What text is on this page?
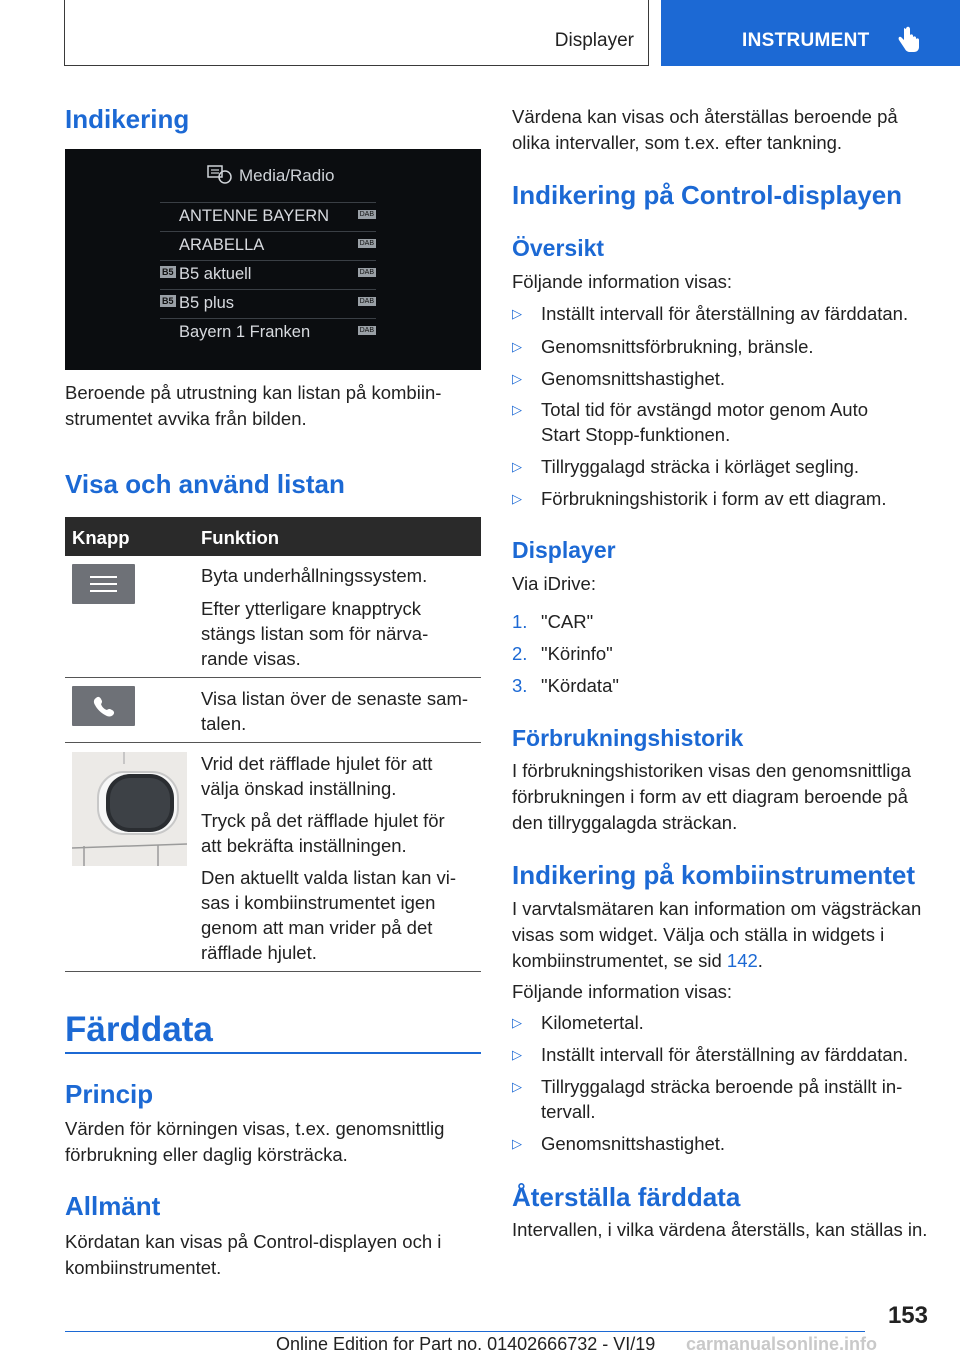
Displayer	INSTRUMENT
Indikering
Media/Radio
ANTENNE BAYERN	DAB
ARABELLA	DAB
B5 B5 aktuell	DAB
B5 B5 plus	DAB
Bayern 1 Franken	DAB
Beroende på utrustning kan listan på kombiin-
strumentet avvika från bilden.
Visa och använd listan
Knapp	Funktion
Byta underhållningssystem.
Efter ytterligare knapptryck
stängs listan som för närva-
rande visas.
Visa listan över de senaste sam-
talen.
Vrid det räfflade hjulet för att
välja önskad inställning.
Tryck på det räfflade hjulet för
att bekräfta inställningen.
Den aktuellt valda listan kan vi-
sas i kombiinstrumentet igen
genom att man vrider på det
räfflade hjulet.
Färddata
Princip
Värden för körningen visas, t.ex. genomsnittlig
förbrukning eller daglig körsträcka.
Allmänt
Kördatan kan visas på Control-displayen och i
kombiinstrumentet.
Värdena kan visas och återställas beroende på
olika intervaller, som t.ex. efter tankning.
Indikering på Control-displayen
Översikt
Följande information visas:
▷ Inställt intervall för återställning av färddatan.
▷ Genomsnittsförbrukning, bränsle.
▷ Genomsnittshastighet.
▷ Total tid för avstängd motor genom Auto
Start Stopp-funktionen.
▷ Tillryggalagd sträcka i körläget segling.
▷ Förbrukningshistorik i form av ett diagram.
Displayer
Via iDrive:
1. "CAR"
2. "Körinfo"
3. "Kördata"
Förbrukningshistorik
I förbrukningshistoriken visas den genomsnittliga
förbrukningen i form av ett diagram beroende på
den tillryggalagda sträckan.
Indikering på kombiinstrumentet
I varvtalsmätaren kan information om vägsträckan
visas som widget. Välja och ställa in widgets i
kombiinstrumentet, se sid 142.
Följande information visas:
▷ Kilometertal.
▷ Inställt intervall för återställning av färddatan.
▷ Tillryggalagd sträcka beroende på inställt in-
tervall.
▷ Genomsnittshastighet.
Återställa färddata
Intervallen, i vilka värdena återställs, kan ställas in.
153
Online Edition for Part no. 01402666732 - VI/19 carmanualsonline.info
